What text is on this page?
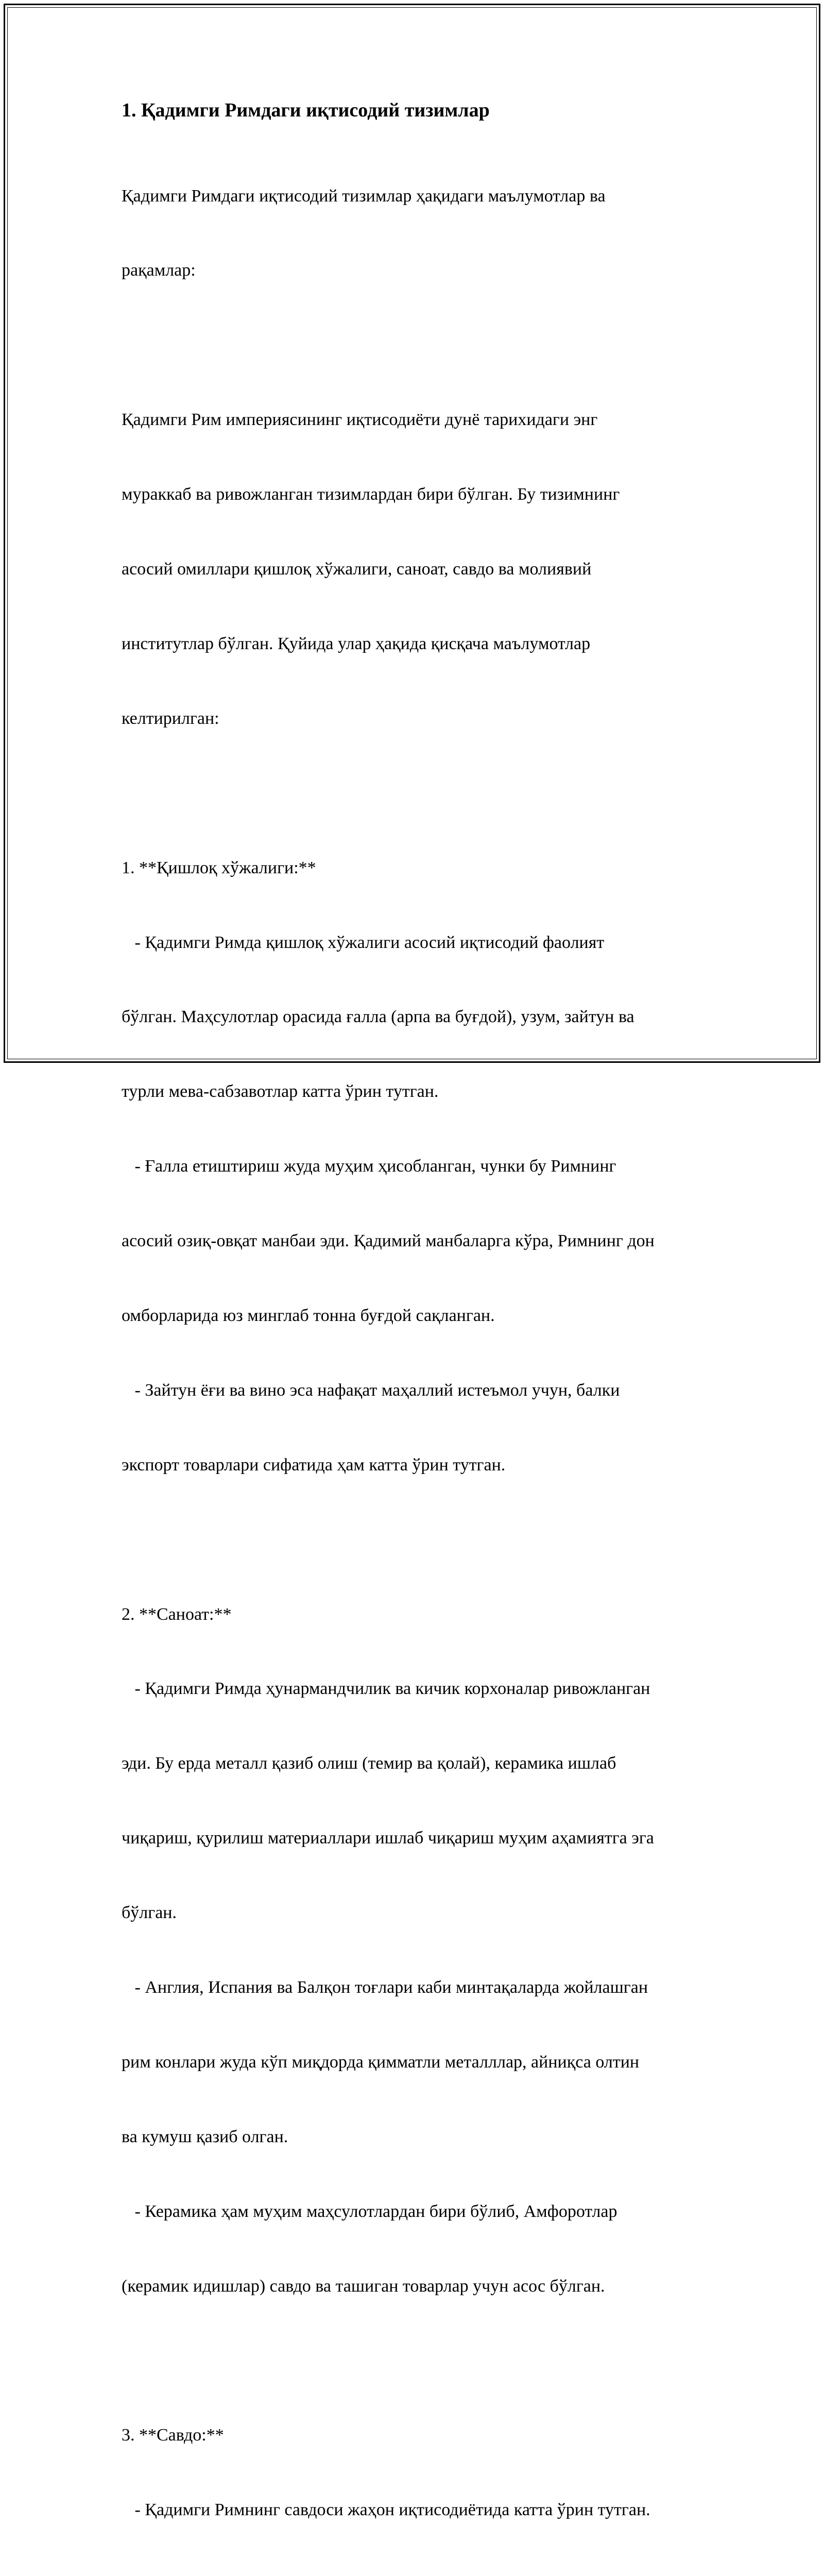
1. Қадимги Римдаги иқтисодий тизимлар

Қадимги Римдаги иқтисодий тизимлар ҳақидаги маълумотлар ва

рақамлар:

Қадимги Рим империясининг иқтисодиёти дунё тарихидаги энг

мураккаб ва ривожланган тизимлардан бири бўлган. Бу тизимнинг

асосий омиллари қишлоқ хўжалиги, саноат, савдо ва молиявий

институтлар бўлган. Қуйида улар ҳақида қисқача маълумотлар

келтирилган:

1. **Қишлоқ хўжалиги:**

- Қадимги Римда қишлоқ хўжалиги асосий иқтисодий фаолият

бўлган. Маҳсулотлар орасида ғалла (арпа ва буғдой), узум, зайтун ва

турли мева-сабзавотлар катта ўрин тутган.

- Ғалла етиштириш жуда муҳим ҳисобланган, чунки бу Римнинг

асосий озиқ-овқат манбаи эди. Қадимий манбаларга кўра, Римнинг дон

омборларида юз минглаб тонна буғдой сақланган.

- Зайтун ёғи ва вино эса нафақат маҳаллий истеъмол учун, балки

экспорт товарлари сифатида ҳам катта ўрин тутган.

2. **Саноат:**

- Қадимги Римда ҳунармандчилик ва кичик корхоналар ривожланган

эди. Бу ерда металл қазиб олиш (темир ва қолай), керамика ишлаб

чиқариш, қурилиш материаллари ишлаб чиқариш муҳим аҳамиятга эга

бўлган.

- Англия, Испания ва Балқон тоғлари каби минтақаларда жойлашган

рим конлари жуда кўп миқдорда қимматли металллар, айниқса олтин

ва кумуш қазиб олган.

- Керамика ҳам муҳим маҳсулотлардан бири бўлиб, Амфоротлар

(керамик идишлар) савдо ва ташиган товарлар учун асос бўлган.

3. **Савдо:**

- Қадимги Римнинг савдоси жаҳон иқтисодиётида катта ўрин тутган.
